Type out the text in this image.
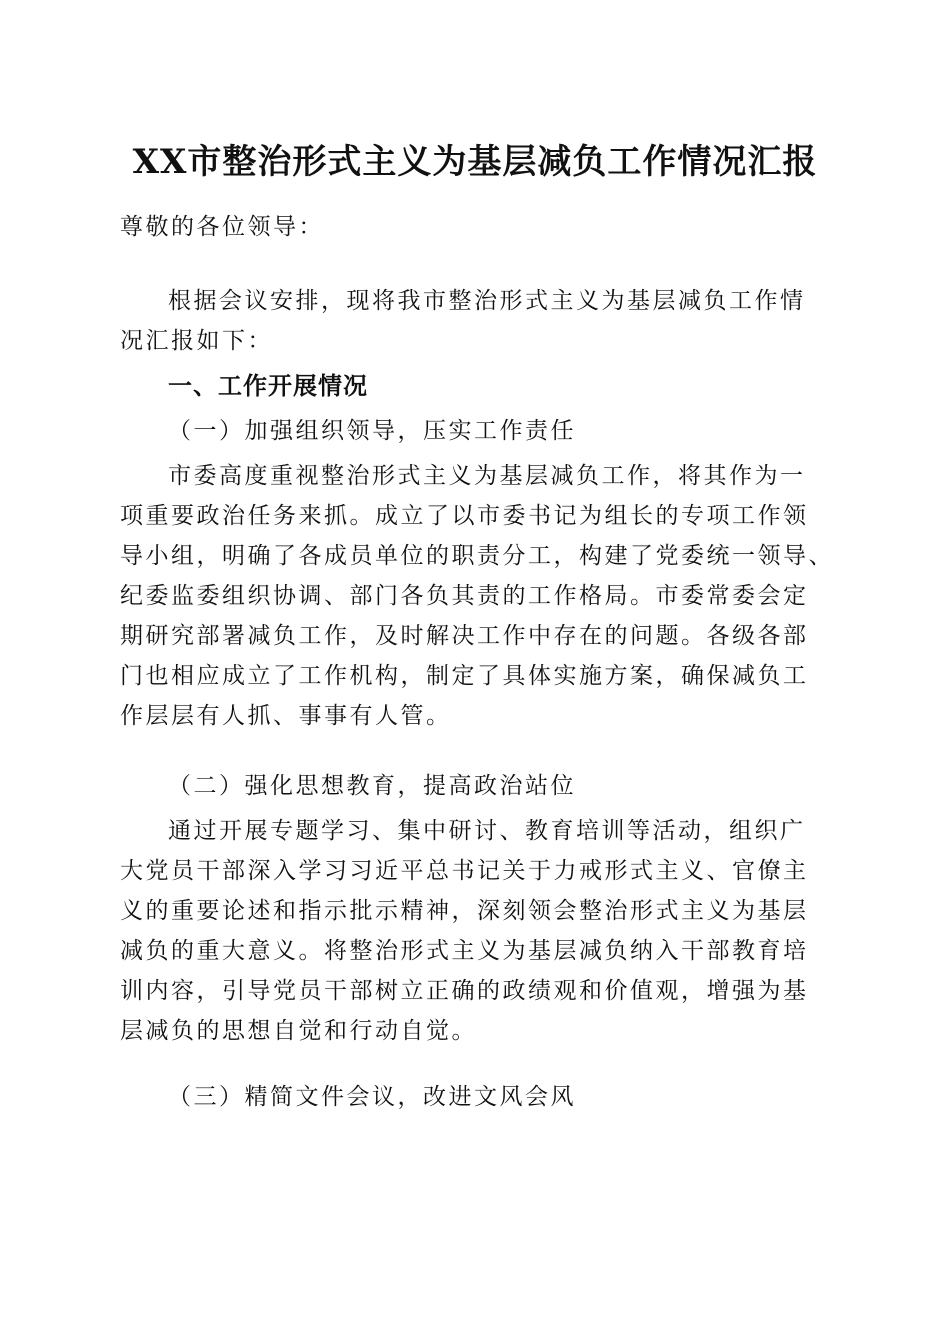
XX市整治形式主义为基层减负工作情况汇报
尊敬的各位领导：
根据会议安排，现将我市整治形式主义为基层减负工作情
况汇报如下：
一、工作开展情况
（一）加强组织领导，压实工作责任
市委高度重视整治形式主义为基层减负工作，将其作为一
项重要政治任务来抓。成立了以市委书记为组长的专项工作领
导小组，明确了各成员单位的职责分工，构建了党委统一领导、
纪委监委组织协调、部门各负其责的工作格局。市委常委会定
期研究部署减负工作，及时解决工作中存在的问题。各级各部
门也相应成立了工作机构，制定了具体实施方案，确保减负工
作层层有人抓、事事有人管。
（二）强化思想教育，提高政治站位
通过开展专题学习、集中研讨、教育培训等活动，组织广
大党员干部深入学习习近平总书记关于力戒形式主义、官僚主
义的重要论述和指示批示精神，深刻领会整治形式主义为基层
减负的重大意义。将整治形式主义为基层减负纳入干部教育培
训内容，引导党员干部树立正确的政绩观和价值观，增强为基
层减负的思想自觉和行动自觉。
（三）精简文件会议，改进文风会风
